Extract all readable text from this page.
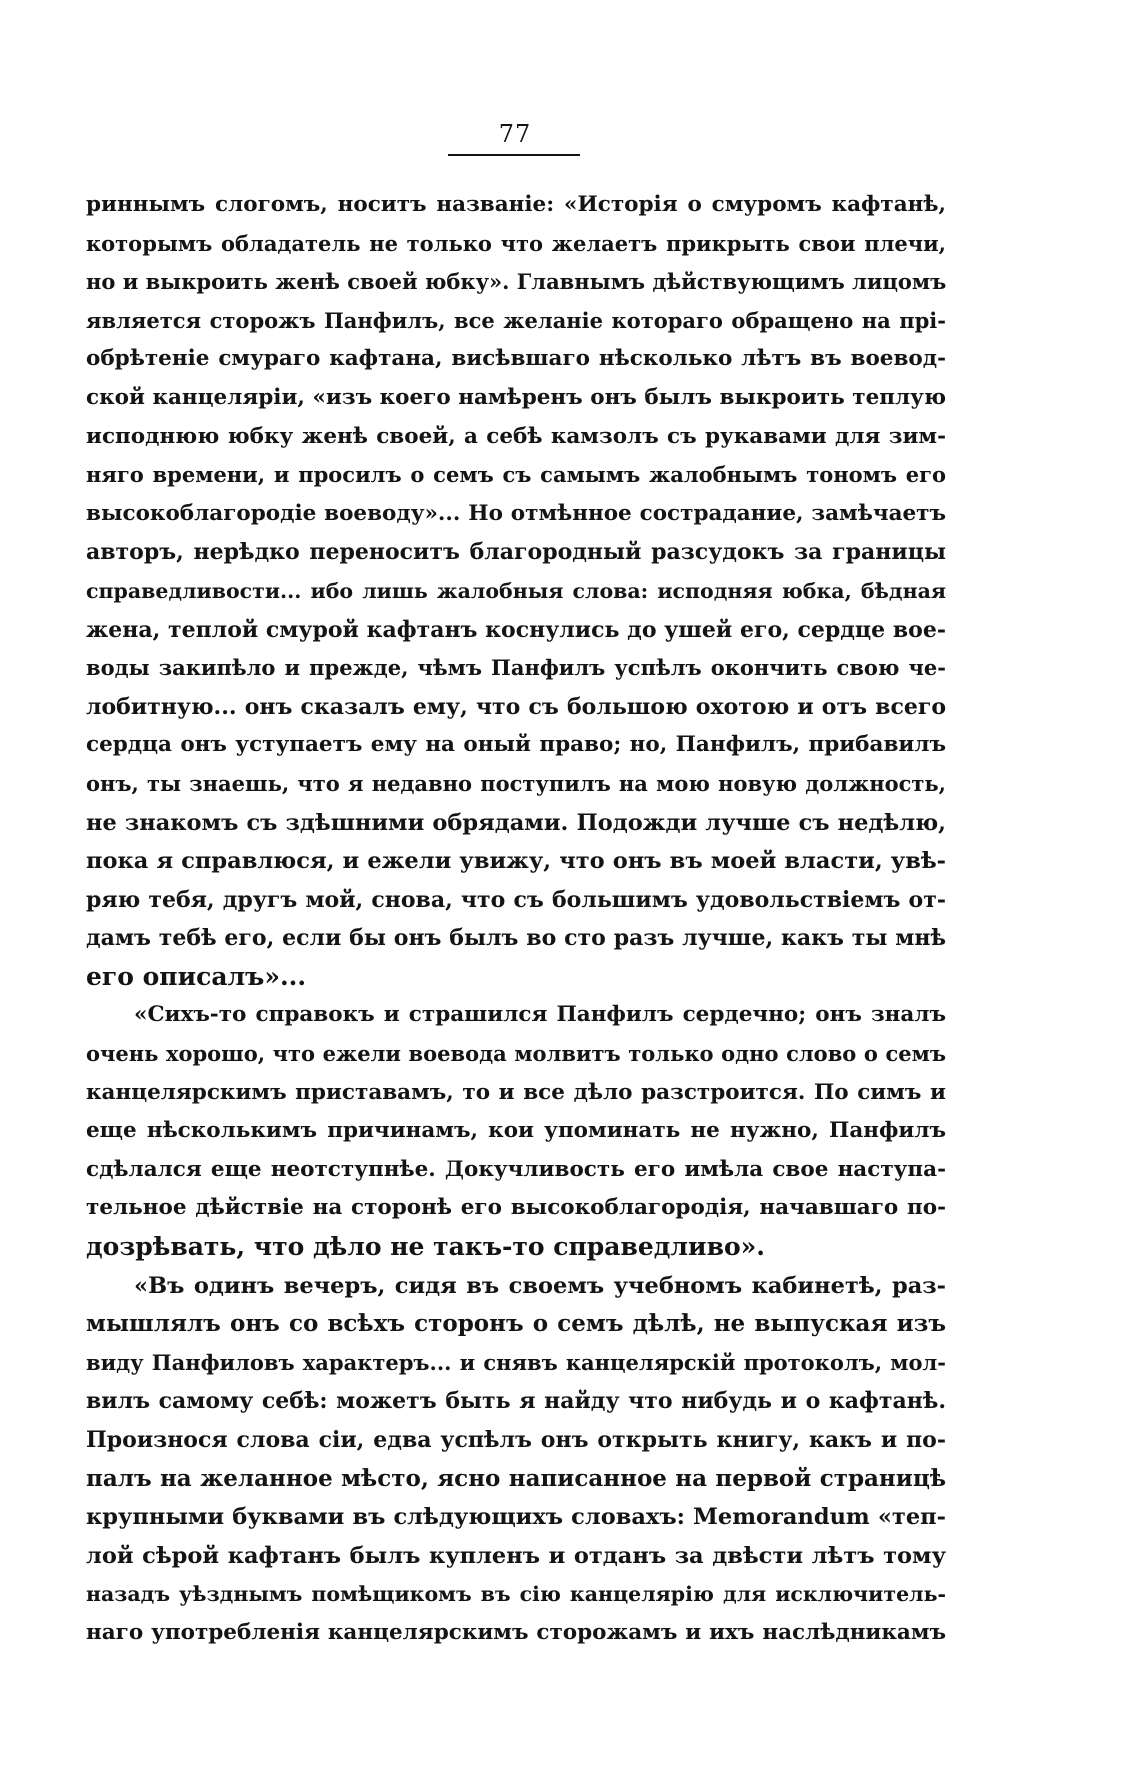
77
риннымъ слогомъ, носитъ названіе: «Исторія о смуромъ кафтанѣ,
которымъ обладатель не только что желаетъ прикрыть свои плечи,
но и выкроить женѣ своей юбку». Главнымъ дѣйствующимъ лицомъ
является сторожъ Панфилъ, все желаніе котораго обращено на прі-
обрѣтеніе смураго кафтана, висѣвшаго нѣсколько лѣтъ въ воевод-
ской канцеляріи, «изъ коего намѣренъ онъ былъ выкроить теплую
исподнюю юбку женѣ своей, а себѣ камзолъ съ рукавами для зим-
няго времени, и просилъ о семъ съ самымъ жалобнымъ тономъ его
высокоблагородіе воеводу»... Но отмѣнное сострадание, замѣчаетъ
авторъ, нерѣдко переноситъ благородный разсудокъ за границы
справедливости... ибо лишь жалобныя слова: исподняя юбка, бѣдная
жена, теплой смурой кафтанъ коснулись до ушей его, сердце вое-
воды закипѣло и прежде, чѣмъ Панфилъ успѣлъ окончить свою че-
лобитную... онъ сказалъ ему, что съ большою охотою и отъ всего
сердца онъ уступаетъ ему на оный право; но, Панфилъ, прибавилъ
онъ, ты знаешь, что я недавно поступилъ на мою новую должность,
не знакомъ съ здѣшними обрядами. Подожди лучше съ недѣлю,
пока я справлюся, и ежели увижу, что онъ въ моей власти, увѣ-
ряю тебя, другъ мой, снова, что съ большимъ удовольствіемъ от-
дамъ тебѣ его, если бы онъ былъ во сто разъ лучше, какъ ты мнѣ
его описалъ»...
«Сихъ-то справокъ и страшился Панфилъ сердечно; онъ зналъ
очень хорошо, что ежели воевода молвитъ только одно слово о семъ
канцелярскимъ приставамъ, то и все дѣло разстроится. По симъ и
еще нѣсколькимъ причинамъ, кои упоминать не нужно, Панфилъ
сдѣлался еще неотступнѣе. Докучливость его имѣла свое наступа-
тельное дѣйствіе на сторонѣ его высокоблагородія, начавшаго по-
дозрѣвать, что дѣло не такъ-то справедливо».
«Въ одинъ вечеръ, сидя въ своемъ учебномъ кабинетѣ, раз-
мышлялъ онъ со всѣхъ сторонъ о семъ дѣлѣ, не выпуская изъ
виду Панфиловъ характеръ... и снявъ канцелярскій протоколъ, мол-
вилъ самому себѣ: можетъ быть я найду что нибудь и о кафтанѣ.
Произнося слова сіи, едва успѣлъ онъ открыть книгу, какъ и по-
палъ на желанное мѣсто, ясно написанное на первой страницѣ
крупными буквами въ слѣдующихъ словахъ: Memorandum «теп-
лой сѣрой кафтанъ былъ купленъ и отданъ за двѣсти лѣтъ тому
назадъ уѣзднымъ помѣщикомъ въ сію канцелярію для исключитель-
наго употребленія канцелярскимъ сторожамъ и ихъ наслѣдникамъ
